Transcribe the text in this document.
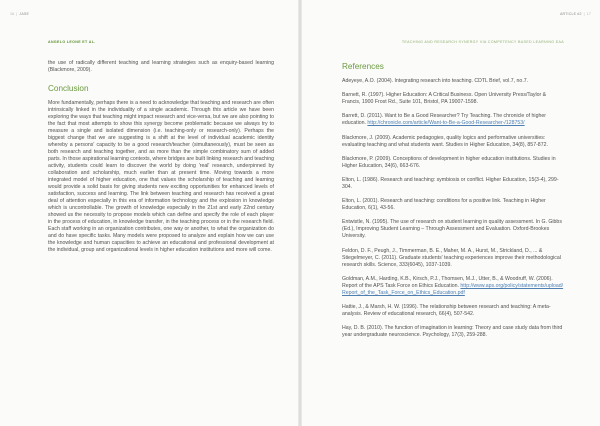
16 | JASE
ANGELO LEONE ET AL.
the use of radically different teaching and learning strategies such as enquiry-based learning (Blackmore, 2009).
Conclusion
More fundamentally, perhaps there is a need to acknowledge that teaching and research are often intrinsically linked in the individuality of a single academic. Through this article we have been exploring the ways that teaching might impact research and vice-versa, but we are also pointing to the fact that most attempts to show this synergy become problematic because we always try to measure a single and isolated dimension (i.e. teaching-only or research-only). Perhaps the biggest change that we are suggesting is a shift at the level of individual academic identity whereby a persons' capacity to be a good research/teacher (simultaneously), must be seen as both research and teaching together, and as more than the simple combinatory sum of added parts. In those aspirational learning contexts, where bridges are built linking research and teaching activity, students could learn to discover the world by doing 'real' research, underpinned by collaboration and scholarship, much earlier than at present time. Moving towards a more integrated model of higher education, one that values the scholarship of teaching and learning would provide a solid basis for giving students new exciting opportunities for enhanced levels of satisfaction, success and learning. The link between teaching and research has received a great deal of attention especially in this era of information technology and the explosion in knowledge which is uncontrollable. The growth of knowledge especially in the 21st and early 22nd century showed us the necessity to propose models which can define and specify the role of each player in the process of education, in knowledge transfer, in the teaching process or in the research field. Each staff working in an organization contributes, one way or another, to what the organization do and do have specific tasks. Many models were proposed to analyze and explain how we can use the knowledge and human capacities to achieve an educational and professional development at the individual, group and organizational levels in higher education institutions and more will come.
ARTICLE #2 | 17
TEACHING AND RESEARCH SYNERGY VIA COMPETENCY BASED LEARNING EAA
References
Adeyeye, A.O. (2004). Integrating research into teaching. CDTL Brief, vol.7, no.7.
Barnett, R. (1997). Higher Education: A Critical Business. Open University Press/Taylor & Francis, 1900 Frost Rd., Suite 101, Bristol, PA 19007-1598.
Barrett, D. (2011). Want to Be a Good Researcher? Try Teaching. The chronicle of higher education. http://chronicle.com/article/Want-to-Be-a-Good-Researcher-/128753/
Blackmore, J. (2009). Academic pedagogies, quality logics and performative universities: evaluating teaching and what students want. Studies in Higher Education, 34(8), 857-872.
Blackmore, P. (2009). Conceptions of development in higher education institutions. Studies in Higher Education, 34(6), 663-676.
Elton, L. (1986). Research and teaching: symbiosis or conflict. Higher Education, 15(3-4), 299-304.
Elton, L. (2001). Research and teaching: conditions for a positive link. Teaching in Higher Education, 6(1), 43-56.
Entwistle, N. (1995). The use of research on student learning in quality assessment. In G. Gibbs (Ed.), Improving Student Learning – Through Assessment and Evaluation. Oxford-Brookes University.
Feldon, D. F., Peugh, J., Timmerman, B. E., Maher, M. A., Hurst, M., Strickland, D., ... & Stiegelmeyer, C. (2011). Graduate students' teaching experiences improve their methodological research skills. Science, 333(6045), 1037-1039.
Goldman, A.M., Harding, K.B., Kirsch, P.J., Thomsen, M.J., Utter, B., & Woodruff, W. (2006). Report of the APS Task Force on Ethics Education. http://www.aps.org/policy/statements/upload/Report_of_the_Task_Force_on_Ethics_Education.pdf
Hattie, J., & Marsh, H. W. (1996). The relationship between research and teaching: A meta-analysis. Review of educational research, 66(4), 507-542.
Hay, D. B. (2010). The function of imagination in learning: Theory and case study data from third year undergraduate neuroscience. Psychology, 17(3), 259-288.
